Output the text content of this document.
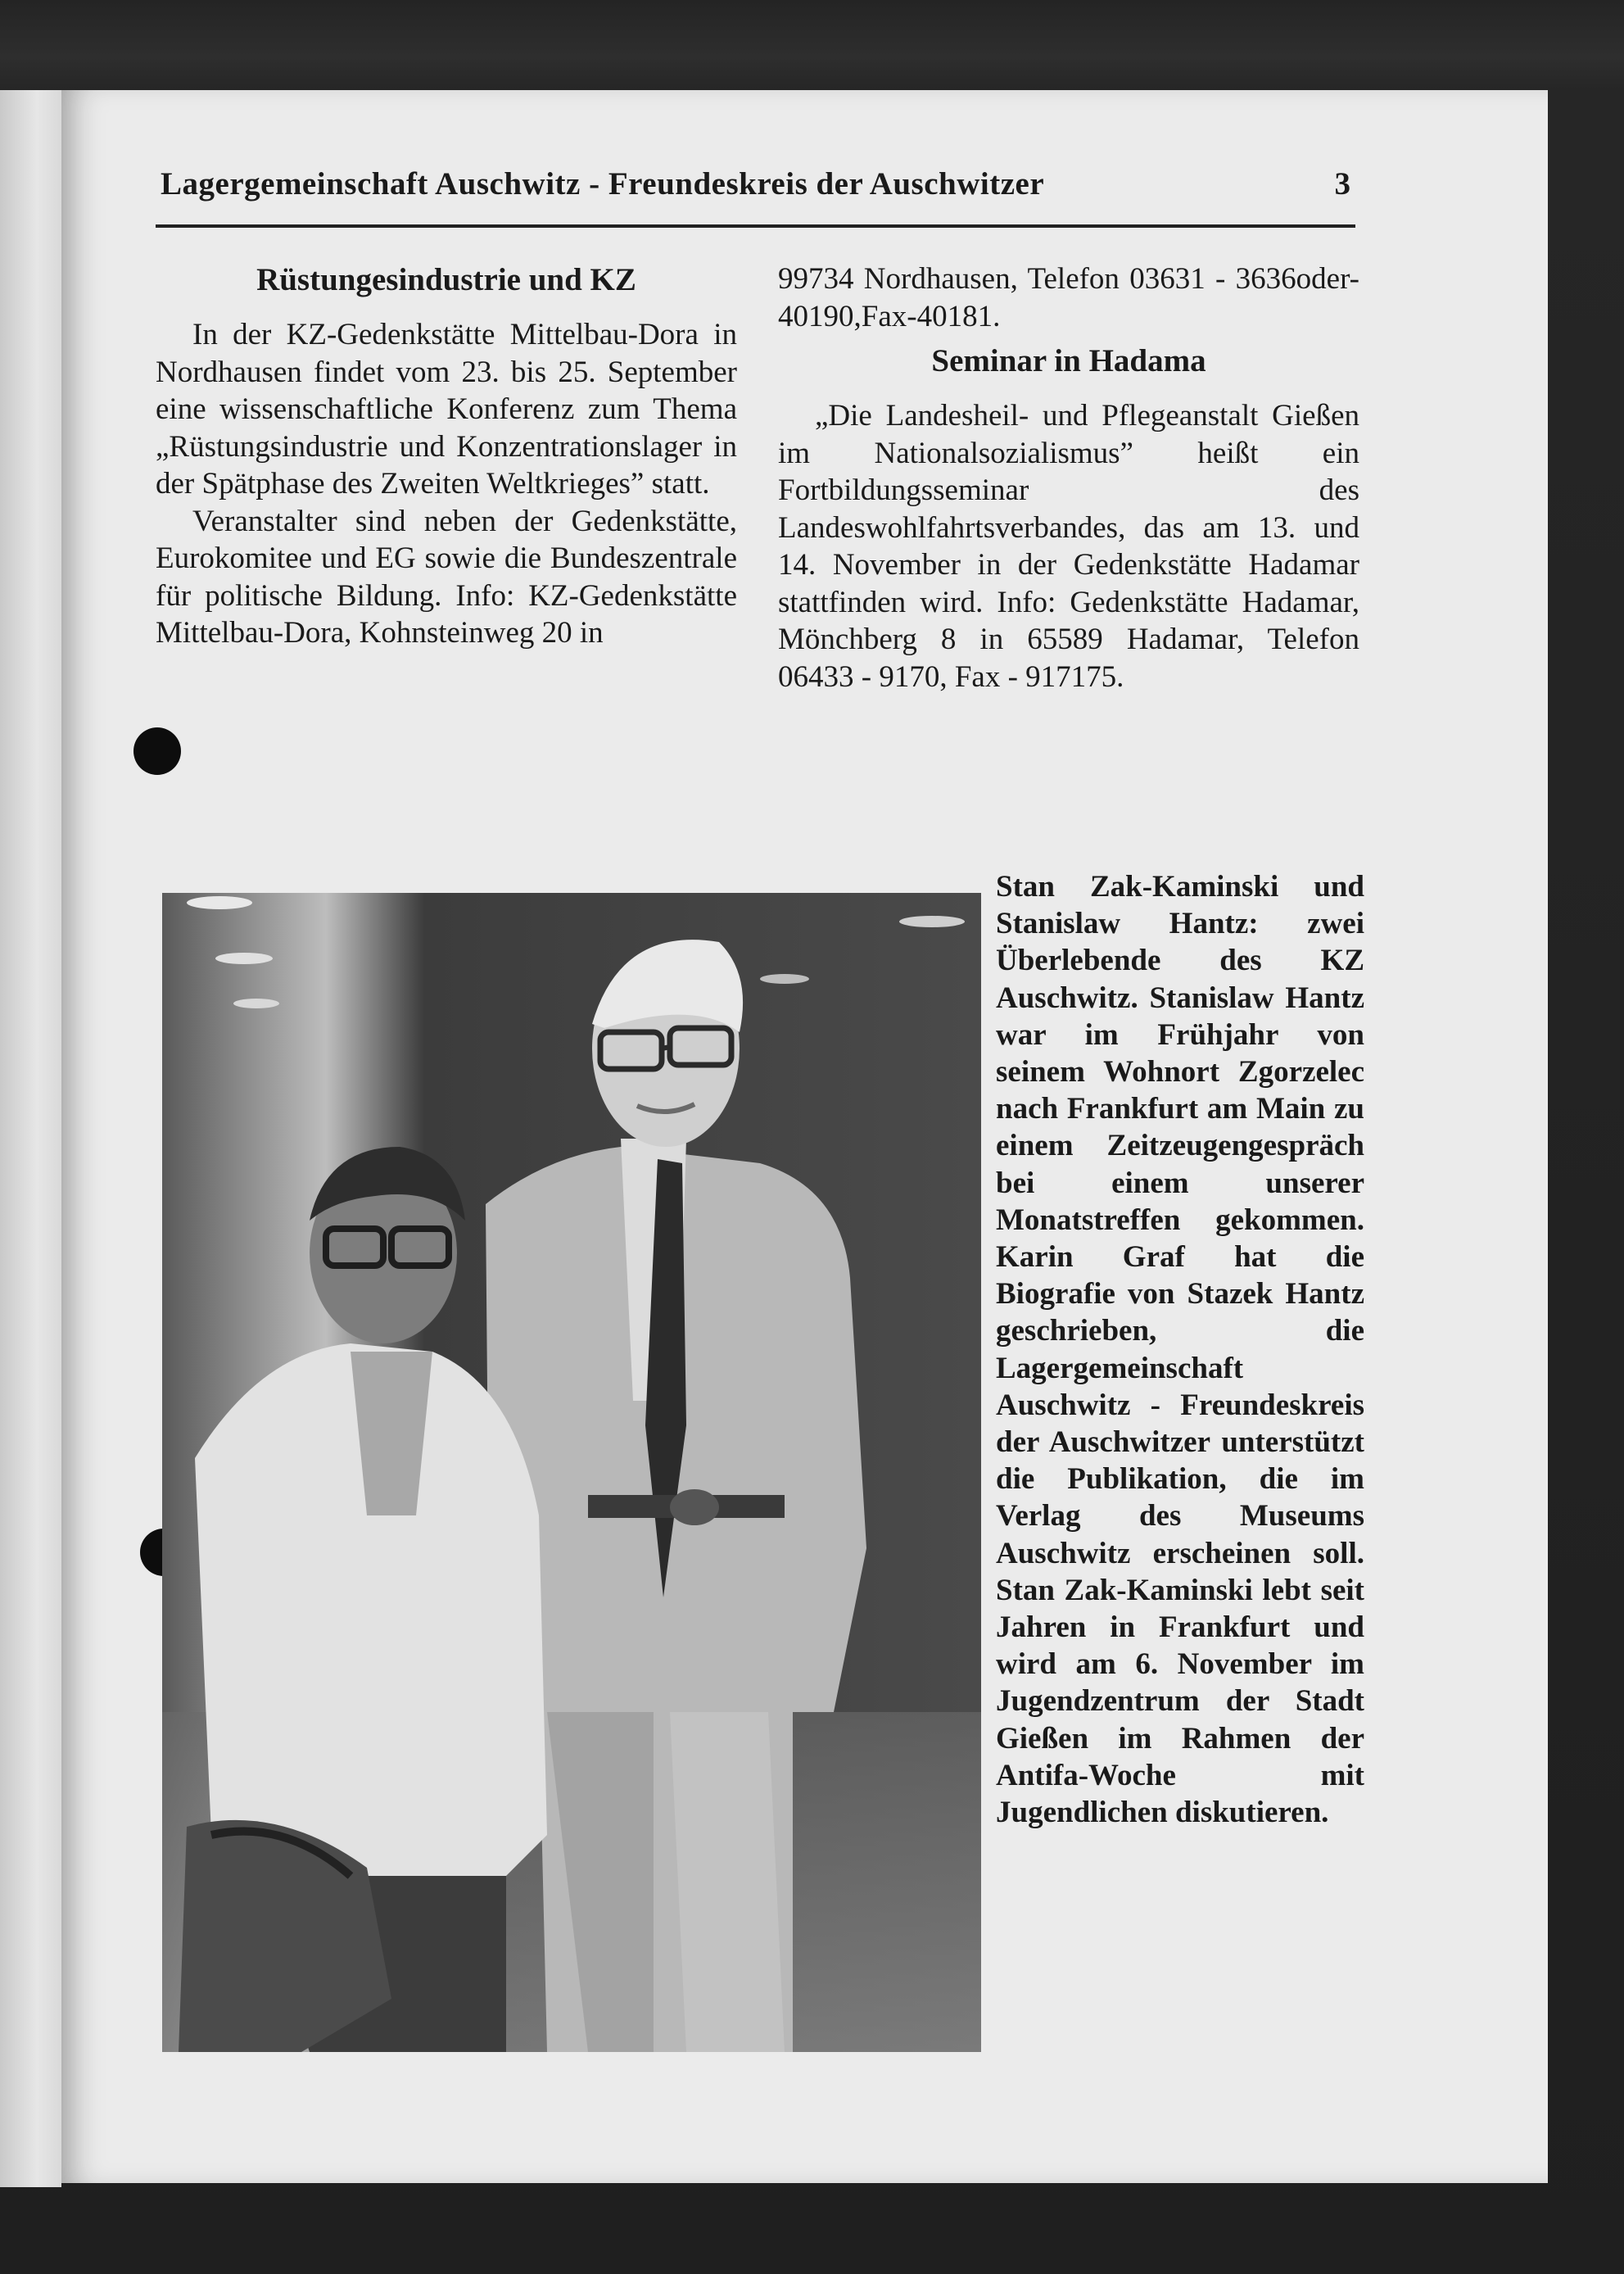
Lagergemeinschaft Auschwitz - Freundeskreis der Auschwitzer	3
Rüstungesindustrie und KZ

In der KZ-Gedenkstätte Mittelbau-Dora in Nordhausen findet vom 23. bis 25. September eine wissenschaftliche Konferenz zum Thema „Rüstungsindustrie und Konzentrationslager in der Spätphase des Zweiten Weltkrieges” statt.

Veranstalter sind neben der Gedenkstätte, Eurokomitee und EG sowie die Bundeszentrale für politische Bildung. Info: KZ-Gedenkstätte Mittelbau-Dora, Kohnsteinweg 20 in

99734 Nordhausen, Telefon 03631 - 3636oder-40190,Fax-40181.

Seminar in Hadama

„Die Landesheil- und Pflegeanstalt Gießen im Nationalsozialismus” heißt ein Fortbildungsseminar des Landeswohlfahrtsverbandes, das am 13. und 14. November in der Gedenkstätte Hadamar stattfinden wird. Info: Gedenkstätte Hadamar, Mönchberg 8 in 65589 Hadamar, Telefon 06433 - 9170, Fax - 917175.

Stan Zak-Kaminski und Stanislaw Hantz: zwei Überlebende des KZ Auschwitz. Stanislaw Hantz war im Frühjahr von seinem Wohnort Zgorzelec nach Frankfurt am Main zu einem Zeitzeugengespräch bei einem unserer Monatstreffen gekommen. Karin Graf hat die Biografie von Stazek Hantz geschrieben, die Lagergemeinschaft Auschwitz - Freundeskreis der Auschwitzer unterstützt die Publikation, die im Verlag des Museums Auschwitz erscheinen soll. Stan Zak-Kaminski lebt seit Jahren in Frankfurt und wird am 6. November im Jugendzentrum der Stadt Gießen im Rahmen der Antifa-Woche mit Jugendlichen diskutieren.
